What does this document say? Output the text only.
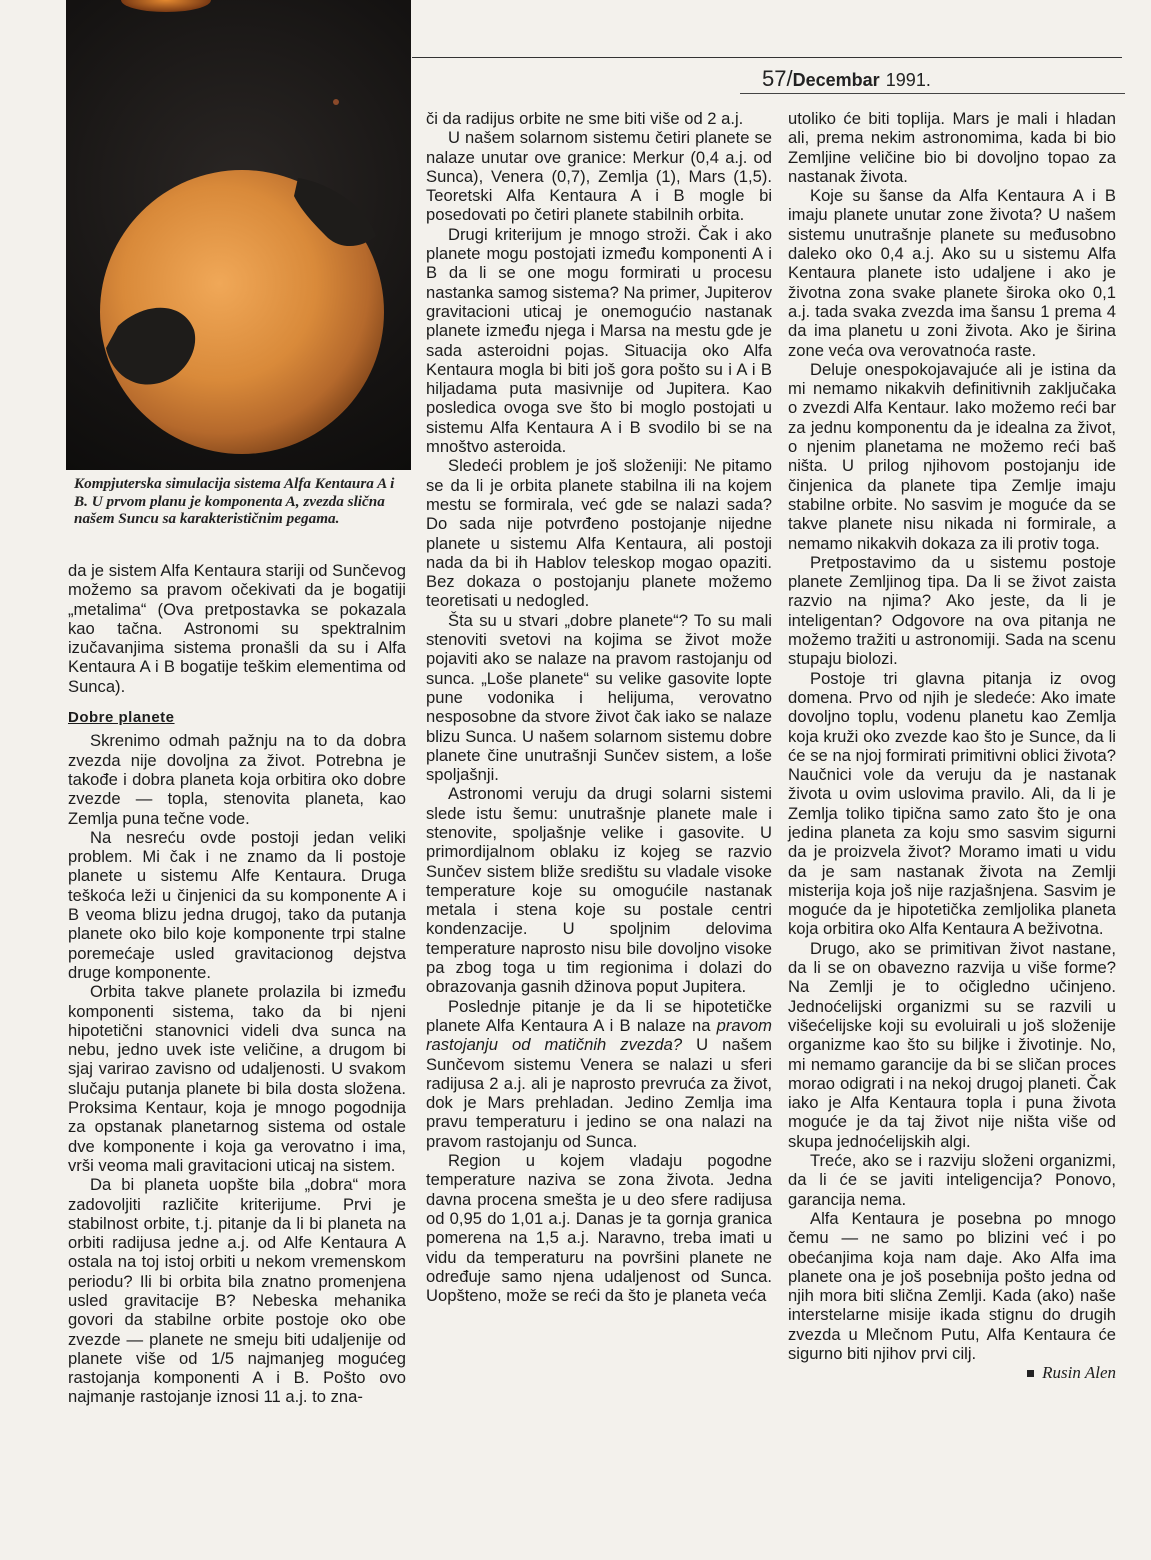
57/Decembar 1991.
Kompjuterska simulacija sistema Alfa Kentaura A i B. U prvom planu je komponenta A, zvezda slična našem Suncu sa karakterističnim pegama.

da je sistem Alfa Kentaura stariji od Sunčevog možemo sa pravom očekivati da je bogatiji „metalima“ (Ova pretpostavka se pokazala kao tačna. Astronomi su spektralnim izučavanjima sistema pronašli da su i Alfa Kentaura A i B bogatije teškim elementima od Sunca).

Dobre planete

Skrenimo odmah pažnju na to da dobra zvezda nije dovoljna za život. Potrebna je takođe i dobra planeta koja orbitira oko dobre zvezde — topla, stenovita planeta, kao Zemlja puna tečne vode.

Na nesreću ovde postoji jedan veliki problem. Mi čak i ne znamo da li postoje planete u sistemu Alfe Kentaura. Druga teškoća leži u činjenici da su komponente A i B veoma blizu jedna drugoj, tako da putanja planete oko bilo koje komponente trpi stalne poremećaje usled gravitacionog dejstva druge komponente.

Orbita takve planete prolazila bi između komponenti sistema, tako da bi njeni hipotetični stanovnici videli dva sunca na nebu, jedno uvek iste veličine, a drugom bi sjaj varirao zavisno od udaljenosti. U svakom slučaju putanja planete bi bila dosta složena. Proksima Kentaur, koja je mnogo pogodnija za opstanak planetarnog sistema od ostale dve komponente i koja ga verovatno i ima, vrši veoma mali gravitacioni uticaj na sistem.

Da bi planeta uopšte bila „dobra“ mora zadovoljiti različite kriterijume. Prvi je stabilnost orbite, t.j. pitanje da li bi planeta na orbiti radijusa jedne a.j. od Alfe Kentaura A ostala na toj istoj orbiti u nekom vremenskom periodu? Ili bi orbita bila znatno promenjena usled gravitacije B? Nebeska mehanika govori da stabilne orbite postoje oko obe zvezde — planete ne smeju biti udaljenije od planete više od 1/5 najmanjeg mogućeg rastojanja komponenti A i B. Pošto ovo najmanje rastojanje iznosi 11 a.j. to zna-

či da radijus orbite ne sme biti više od 2 a.j.

U našem solarnom sistemu četiri planete se nalaze unutar ove granice: Merkur (0,4 a.j. od Sunca), Venera (0,7), Zemlja (1), Mars (1,5). Teoretski Alfa Kentaura A i B mogle bi posedovati po četiri planete stabilnih orbita.

Drugi kriterijum je mnogo stroži. Čak i ako planete mogu postojati između komponenti A i B da li se one mogu formirati u procesu nastanka samog sistema? Na primer, Jupiterov gravitacioni uticaj je onemogućio nastanak planete između njega i Marsa na mestu gde je sada asteroidni pojas. Situacija oko Alfa Kentaura mogla bi biti još gora pošto su i A i B hiljadama puta masivnije od Jupitera. Kao posledica ovoga sve što bi moglo postojati u sistemu Alfa Kentaura A i B svodilo bi se na mnoštvo asteroida.

Sledeći problem je još složeniji: Ne pitamo se da li je orbita planete stabilna ili na kojem mestu se formirala, već gde se nalazi sada? Do sada nije potvrđeno postojanje nijedne planete u sistemu Alfa Kentaura, ali postoji nada da bi ih Hablov teleskop mogao opaziti. Bez dokaza o postojanju planete možemo teoretisati u nedogled.

Šta su u stvari „dobre planete“? To su mali stenoviti svetovi na kojima se život može pojaviti ako se nalaze na pravom rastojanju od sunca. „Loše planete“ su velike gasovite lopte pune vodonika i helijuma, verovatno nesposobne da stvore život čak iako se nalaze blizu Sunca. U našem solarnom sistemu dobre planete čine unutrašnji Sunčev sistem, a loše spoljašnji.

Astronomi veruju da drugi solarni sistemi slede istu šemu: unutrašnje planete male i stenovite, spoljašnje velike i gasovite. U primordijalnom oblaku iz kojeg se razvio Sunčev sistem bliže središtu su vladale visoke temperature koje su omogućile nastanak metala i stena koje su postale centri kondenzacije. U spoljnim delovima temperature naprosto nisu bile dovoljno visoke pa zbog toga u tim regionima i dolazi do obrazovanja gasnih džinova poput Jupitera.

Poslednje pitanje je da li se hipotetičke planete Alfa Kentaura A i B nalaze na pravom rastojanju od matičnih zvezda? U našem Sunčevom sistemu Venera se nalazi u sferi radijusa 2 a.j. ali je naprosto prevruća za život, dok je Mars prehladan. Jedino Zemlja ima pravu temperaturu i jedino se ona nalazi na pravom rastojanju od Sunca.

Region u kojem vladaju pogodne temperature naziva se zona života. Jedna davna procena smešta je u deo sfere radijusa od 0,95 do 1,01 a.j. Danas je ta gornja granica pomerena na 1,5 a.j. Naravno, treba imati u vidu da temperaturu na površini planete ne određuje samo njena udaljenost od Sunca. Uopšteno, može se reći da što je planeta veća

utoliko će biti toplija. Mars je mali i hladan ali, prema nekim astronomima, kada bi bio Zemljine veličine bio bi dovoljno topao za nastanak života.

Koje su šanse da Alfa Kentaura A i B imaju planete unutar zone života? U našem sistemu unutrašnje planete su međusobno daleko oko 0,4 a.j. Ako su u sistemu Alfa Kentaura planete isto udaljene i ako je životna zona svake planete široka oko 0,1 a.j. tada svaka zvezda ima šansu 1 prema 4 da ima planetu u zoni života. Ako je širina zone veća ova verovatnoća raste.

Deluje onespokojavajuće ali je istina da mi nemamo nikakvih definitivnih zaključaka o zvezdi Alfa Kentaur. Iako možemo reći bar za jednu komponentu da je idealna za život, o njenim planetama ne možemo reći baš ništa. U prilog njihovom postojanju ide činjenica da planete tipa Zemlje imaju stabilne orbite. No sasvim je moguće da se takve planete nisu nikada ni formirale, a nemamo nikakvih dokaza za ili protiv toga.

Pretpostavimo da u sistemu postoje planete Zemljinog tipa. Da li se život zaista razvio na njima? Ako jeste, da li je inteligentan? Odgovore na ova pitanja ne možemo tražiti u astronomiji. Sada na scenu stupaju biolozi.

Postoje tri glavna pitanja iz ovog domena. Prvo od njih je sledeće: Ako imate dovoljno toplu, vodenu planetu kao Zemlja koja kruži oko zvezde kao što je Sunce, da li će se na njoj formirati primitivni oblici života? Naučnici vole da veruju da je nastanak života u ovim uslovima pravilo. Ali, da li je Zemlja toliko tipična samo zato što je ona jedina planeta za koju smo sasvim sigurni da je proizvela život? Moramo imati u vidu da je sam nastanak života na Zemlji misterija koja još nije razjašnjena. Sasvim je moguće da je hipotetička zemljolika planeta koja orbitira oko Alfa Kentaura A beživotna.

Drugo, ako se primitivan život nastane, da li se on obavezno razvija u više forme? Na Zemlji je to očigledno učinjeno. Jednoćelijski organizmi su se razvili u višećelijske koji su evoluirali u još složenije organizme kao što su biljke i životinje. No, mi nemamo garancije da bi se sličan proces morao odigrati i na nekoj drugoj planeti. Čak iako je Alfa Kentaura topla i puna života moguće je da taj život nije ništa više od skupa jednoćelijskih algi.

Treće, ako se i razviju složeni organizmi, da li će se javiti inteligencija? Ponovo, garancija nema.

Alfa Kentaura je posebna po mnogo čemu — ne samo po blizini već i po obećanjima koja nam daje. Ako Alfa ima planete ona je još posebnija pošto jedna od njih mora biti slična Zemlji. Kada (ako) naše interstelarne misije ikada stignu do drugih zvezda u Mlečnom Putu, Alfa Kentaura će sigurno biti njihov prvi cilj.

Rusin Alen
